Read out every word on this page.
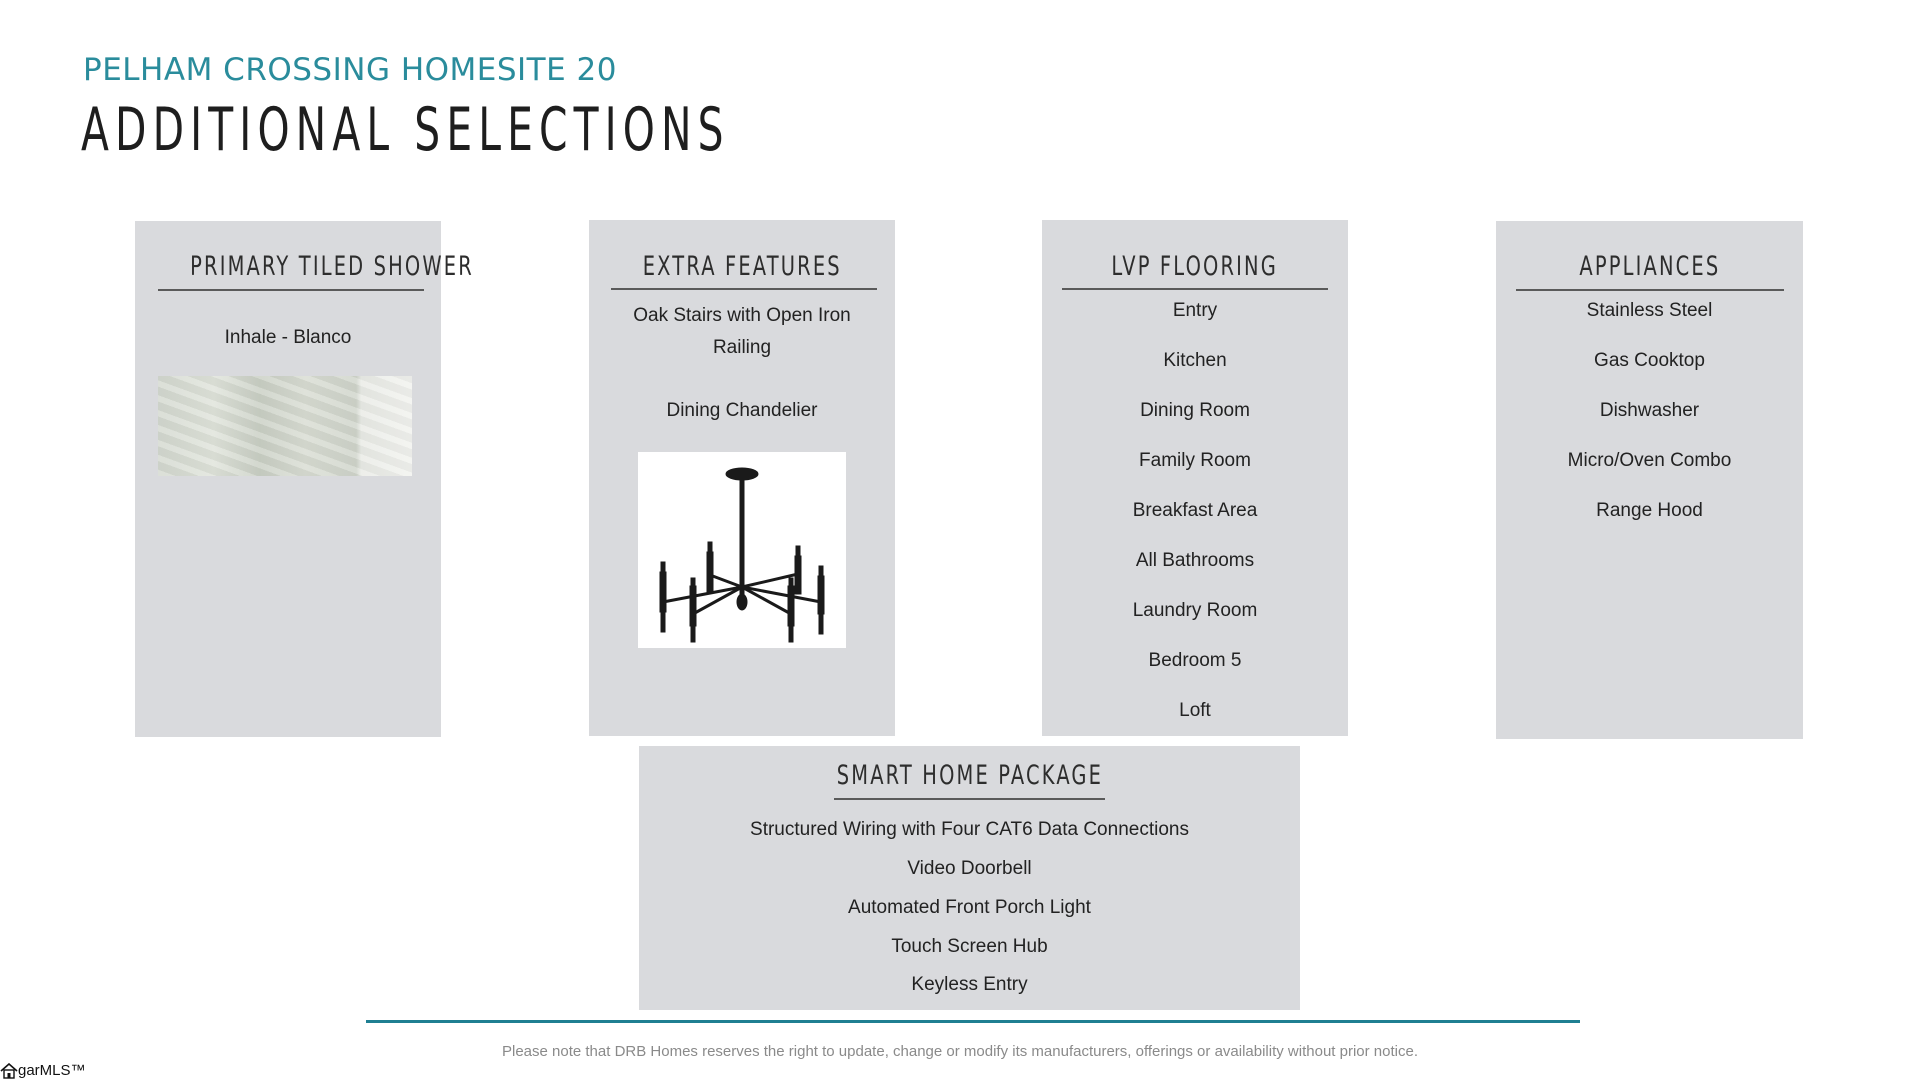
PELHAM CROSSING HOMESITE 20
ADDITIONAL SELECTIONS
PRIMARY TILED SHOWER
Inhale - Blanco
EXTRA FEATURES
Oak Stairs with Open Iron
Railing
Dining Chandelier
LVP FLOORING
Entry
Kitchen
Dining Room
Family Room
Breakfast Area
All Bathrooms
Laundry Room
Bedroom 5
Loft
APPLIANCES
Stainless Steel
Gas Cooktop
Dishwasher
Micro/Oven Combo
Range Hood
SMART HOME PACKAGE
Structured Wiring with Four CAT6 Data Connections
Video Doorbell
Automated Front Porch Light
Touch Screen Hub
Keyless Entry
Please note that DRB Homes reserves the right to update, change or modify its manufacturers, offerings or availability without prior notice.
garMLS™
